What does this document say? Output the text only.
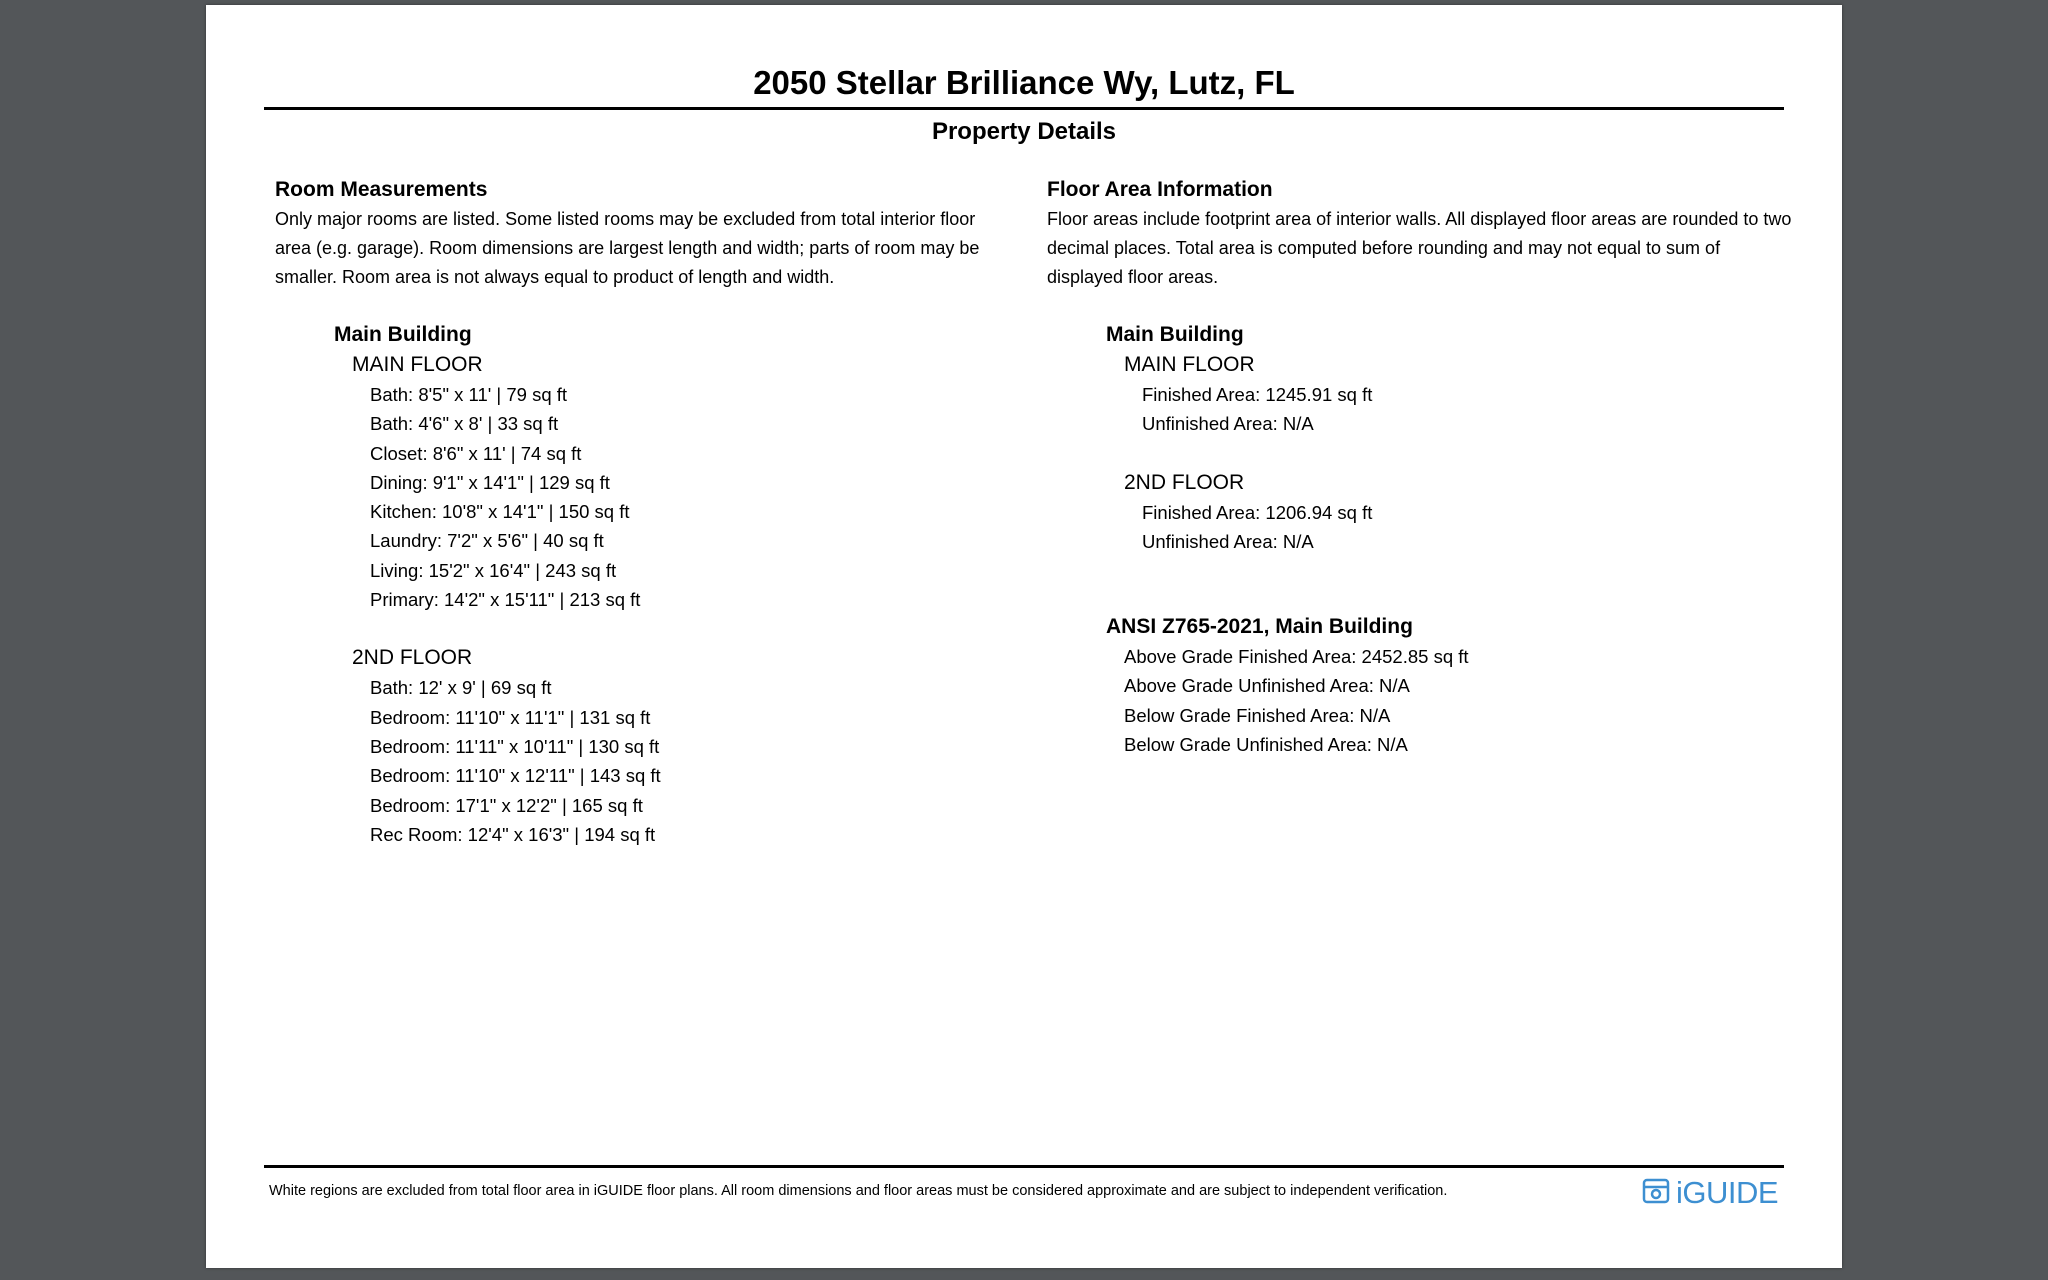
2050 Stellar Brilliance Wy, Lutz, FL
Property Details

Room Measurements

Only major rooms are listed. Some listed rooms may be excluded from total interior floor area (e.g. garage). Room dimensions are largest length and width; parts of room may be smaller. Room area is not always equal to product of length and width.

Main Building
MAIN FLOOR
Bath: 8'5" x 11' | 79 sq ft
Bath: 4'6" x 8' | 33 sq ft
Closet: 8'6" x 11' | 74 sq ft
Dining: 9'1" x 14'1" | 129 sq ft
Kitchen: 10'8" x 14'1" | 150 sq ft
Laundry: 7'2" x 5'6" | 40 sq ft
Living: 15'2" x 16'4" | 243 sq ft
Primary: 14'2" x 15'11" | 213 sq ft
2ND FLOOR
Bath: 12' x 9' | 69 sq ft
Bedroom: 11'10" x 11'1" | 131 sq ft
Bedroom: 11'11" x 10'11" | 130 sq ft
Bedroom: 11'10" x 12'11" | 143 sq ft
Bedroom: 17'1" x 12'2" | 165 sq ft
Rec Room: 12'4" x 16'3" | 194 sq ft

Floor Area Information

Floor areas include footprint area of interior walls. All displayed floor areas are rounded to two decimal places. Total area is computed before rounding and may not equal to sum of displayed floor areas.

Main Building
MAIN FLOOR
Finished Area: 1245.91 sq ft
Unfinished Area: N/A
2ND FLOOR
Finished Area: 1206.94 sq ft
Unfinished Area: N/A
ANSI Z765-2021, Main Building
Above Grade Finished Area: 2452.85 sq ft
Above Grade Unfinished Area: N/A
Below Grade Finished Area: N/A
Below Grade Unfinished Area: N/A
White regions are excluded from total floor area in iGUIDE floor plans. All room dimensions and floor areas must be considered approximate and are subject to independent verification.	iGUIDE
